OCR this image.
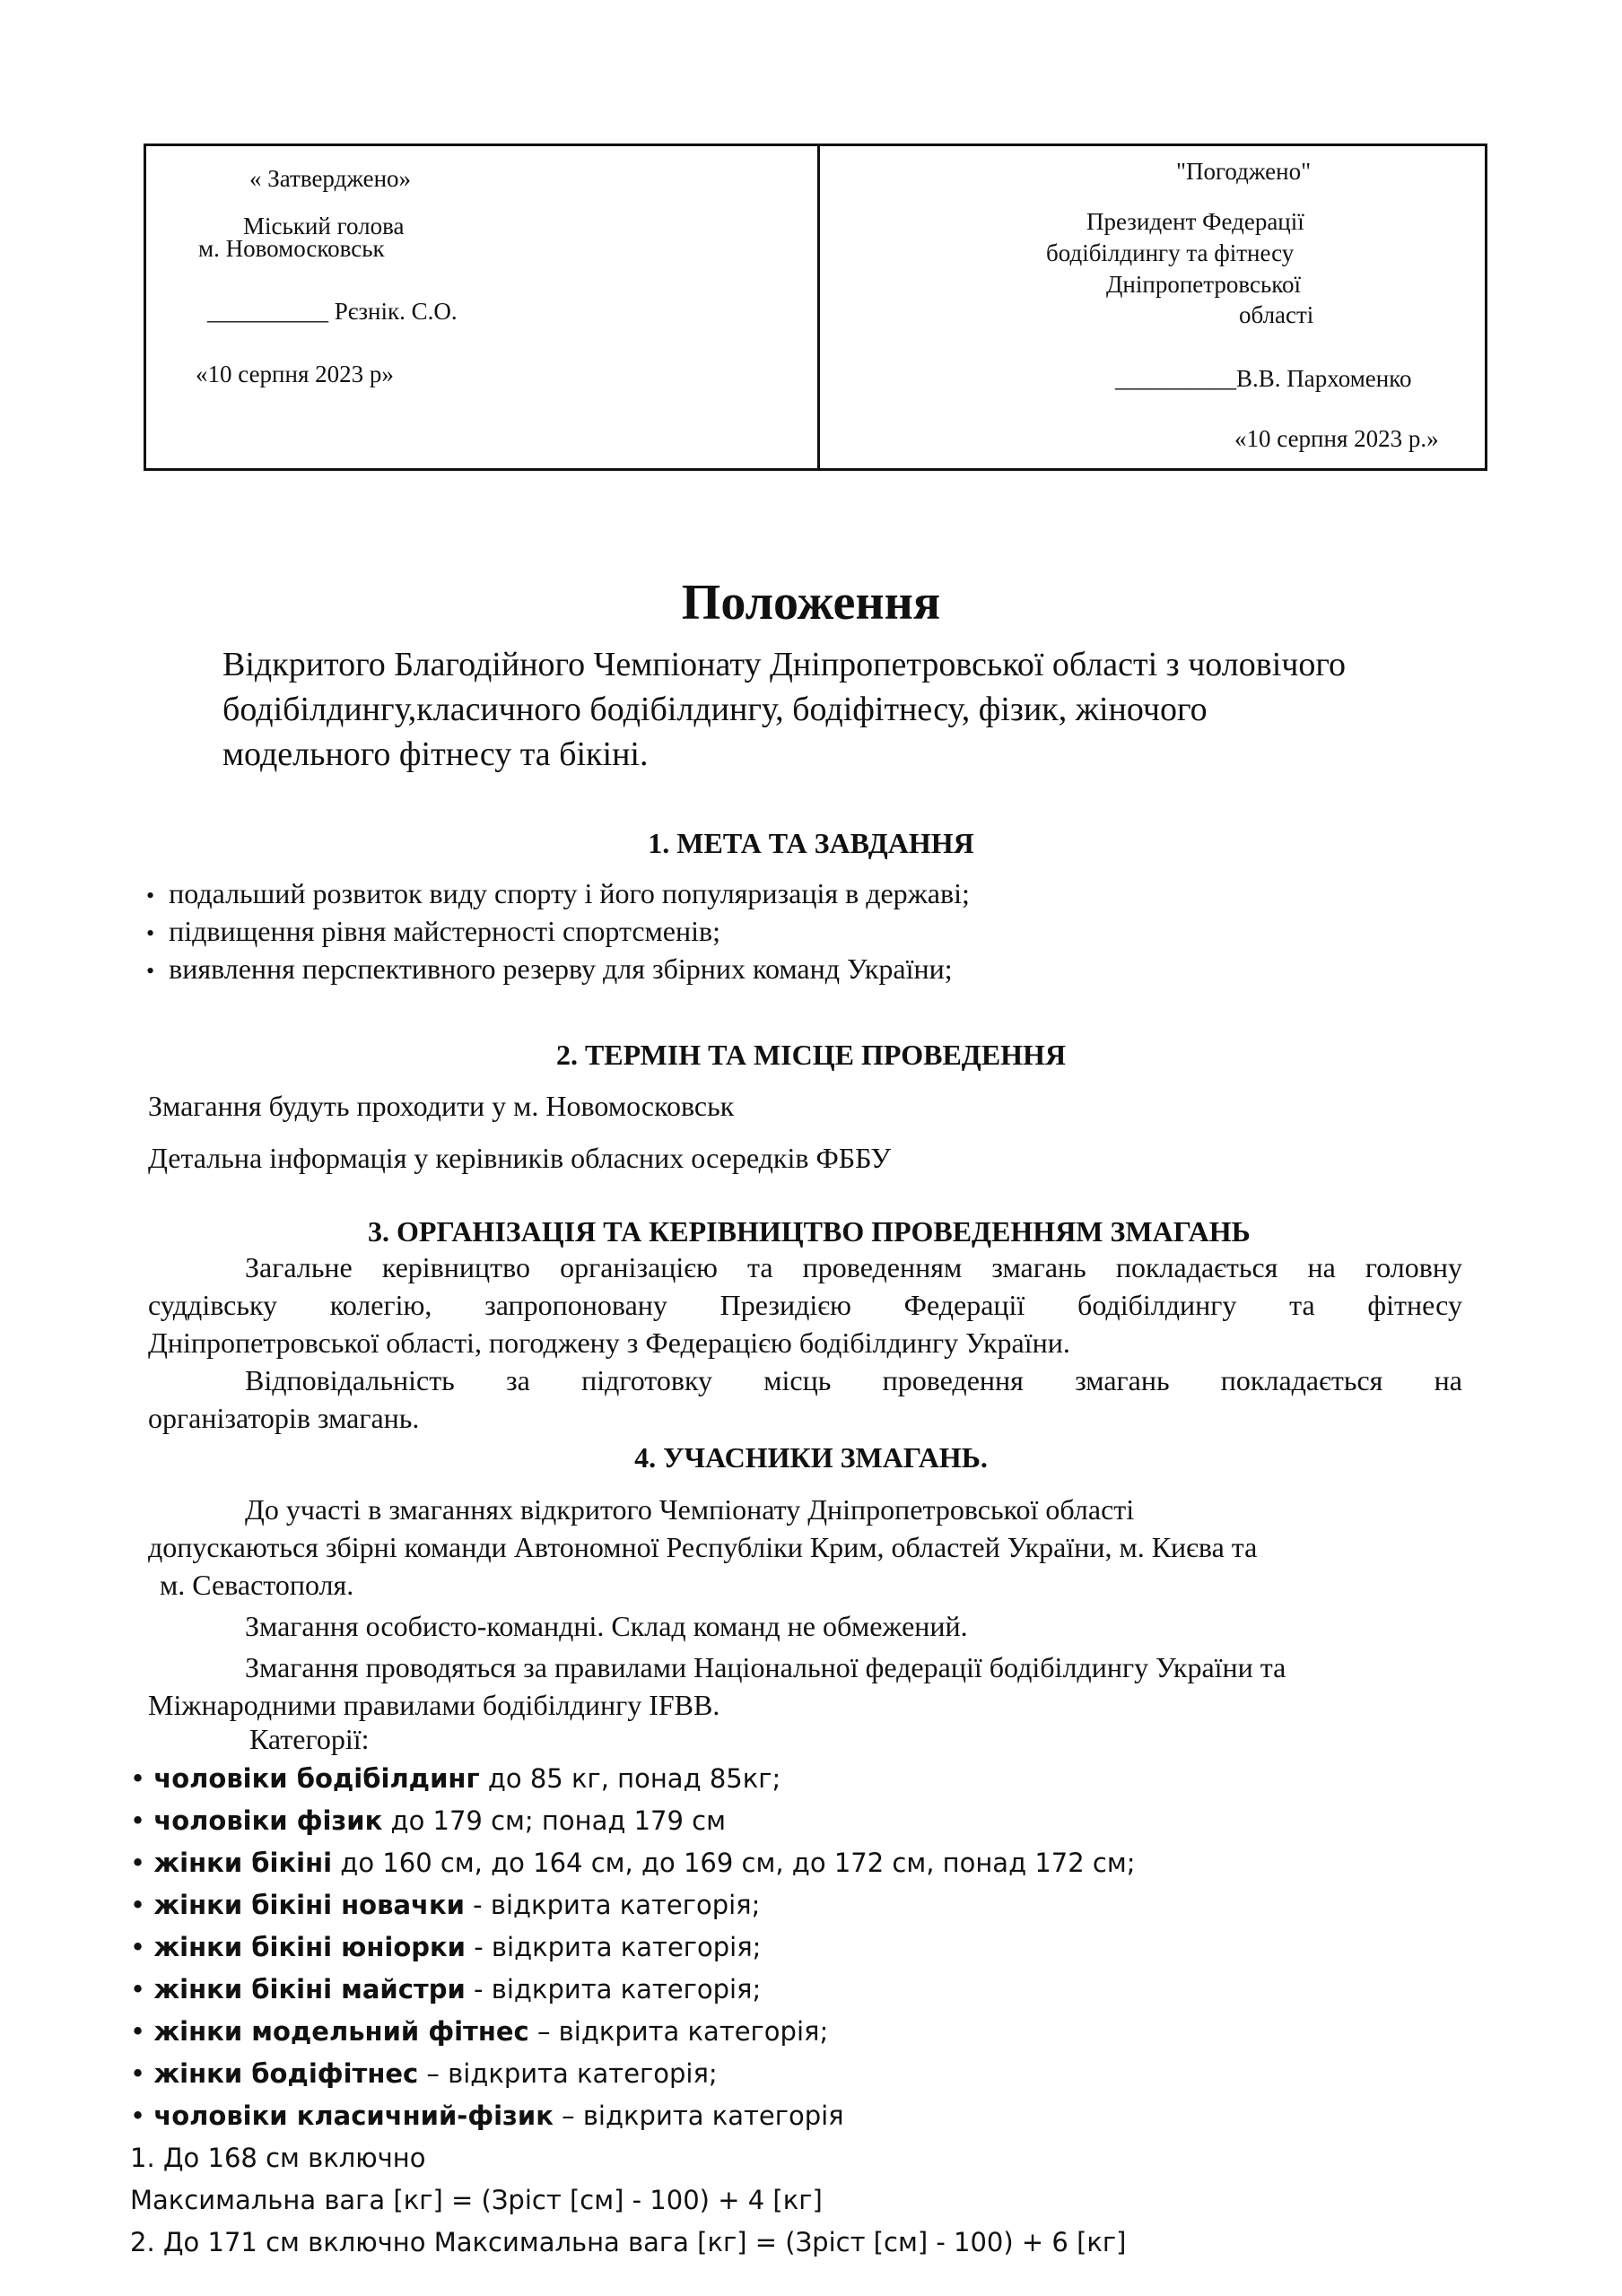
« Затверджено»
Міський голова
м. Новомосковськ
__________ Рєзнік. С.О.
«10 серпня 2023 р»
"Погоджено"
Президент Федерації
бодібілдингу та фітнесу
Дніпропетровської
області
__________В.В. Пархоменко
«10 серпня 2023 р.»
Положення
Відкритого Благодійного Чемпіонату Дніпропетровської області з чоловічого
бодібілдингу,класичного бодібілдингу, бодіфітнесу, фізик, жіночого
модельного фітнесу та бікіні.
1. МЕТА ТА ЗАВДАННЯ
• подальший розвиток виду спорту і його популяризація в державі;
• підвищення рівня майстерності спортсменів;
• виявлення перспективного резерву для збірних команд України;
2. ТЕРМІН ТА МІСЦЕ ПРОВЕДЕННЯ
Змагання будуть проходити у м. Новомосковськ
Детальна інформація у керівників обласних осередків ФББУ
3. ОРГАНІЗАЦІЯ ТА КЕРІВНИЦТВО ПРОВЕДЕННЯМ ЗМАГАНЬ
Загальне керівництво організацією та проведенням змагань покладається на головну
суддівську колегію, запропоновану Президією Федерації бодібілдингу та фітнесу
Дніпропетровської області, погоджену з Федерацією бодібілдингу України.
Відповідальність за підготовку місць проведення змагань покладається на
організаторів змагань.
4. УЧАСНИКИ ЗМАГАНЬ.
До участі в змаганнях відкритого Чемпіонату Дніпропетровської області
допускаються збірні команди Автономної Республіки Крим, областей України, м. Києва та
м. Севастополя.
Змагання особисто-командні. Склад команд не обмежений.
Змагання проводяться за правилами Національної федерації бодібілдингу України та
Міжнародними правилами бодібілдингу IFBB.
Категорії:
• чоловіки бодібілдинг до 85 кг, понад 85кг;
• чоловіки фізик до 179 см; понад 179 см
• жінки бікіні до 160 см, до 164 см, до 169 см, до 172 см, понад 172 см;
• жінки бікіні новачки - відкрита категорія;
• жінки бікіні юніорки - відкрита категорія;
• жінки бікіні майстри - відкрита категорія;
• жінки модельний фітнес – відкрита категорія;
• жінки бодіфітнес – відкрита категорія;
• чоловіки класичний-фізик – відкрита категорія
1. До 168 см включно
Максимальна вага [кг] = (Зріст [см] - 100) + 4 [кг]
2. До 171 см включно Максимальна вага [кг] = (Зріст [см] - 100) + 6 [кг]
